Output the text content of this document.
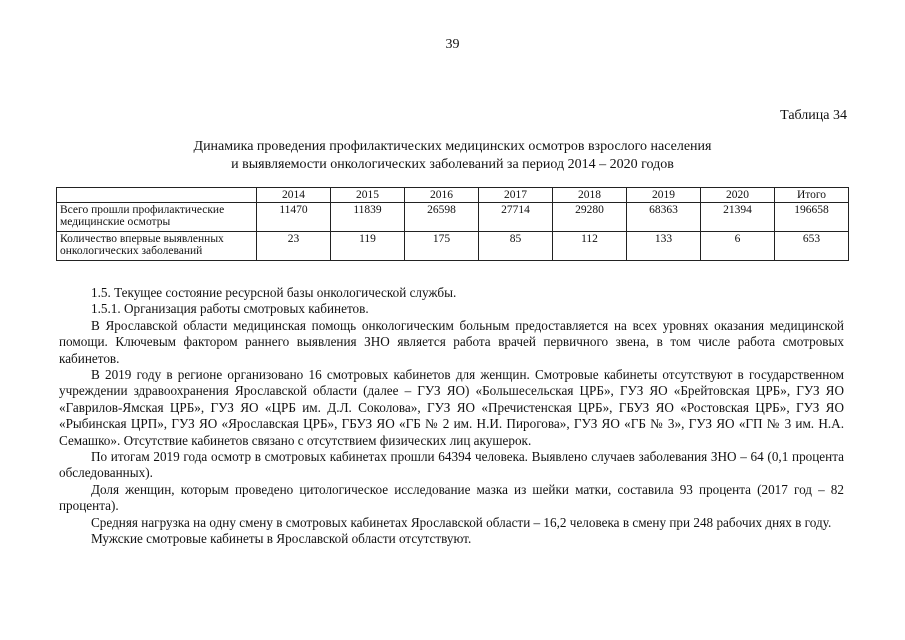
39
Таблица 34
Динамика проведения профилактических медицинских осмотров взрослого населения
и выявляемости онкологических заболеваний за период 2014 – 2020 годов
	2014	2015	2016	2017	2018	2019	2020	Итого
Всего прошли профилактические медицинские осмотры	11470	11839	26598	27714	29280	68363	21394	196658
Количество впервые выявленных онкологических заболеваний	23	119	175	85	112	133	6	653

1.5. Текущее состояние ресурсной базы онкологической службы.

1.5.1. Организация работы смотровых кабинетов.

В Ярославской области медицинская помощь онкологическим больным предоставляется на всех уровнях оказания медицинской помощи. Ключевым фактором раннего выявления ЗНО является работа врачей первичного звена, в том числе работа смотровых кабинетов.

В 2019 году в регионе организовано 16 смотровых кабинетов для женщин. Смотровые кабинеты отсутствуют в государственном учреждении здравоохранения Ярославской области (далее – ГУЗ ЯО) «Большесельская ЦРБ», ГУЗ ЯО «Брейтовская ЦРБ», ГУЗ ЯО «Гаврилов-Ямская ЦРБ», ГУЗ ЯО «ЦРБ им. Д.Л. Соколова», ГУЗ ЯО «Пречистенская ЦРБ», ГБУЗ ЯО «Ростовская ЦРБ», ГУЗ ЯО «Рыбинская ЦРП», ГУЗ ЯО «Ярославская ЦРБ», ГБУЗ ЯО «ГБ № 2 им. Н.И. Пирогова», ГУЗ ЯО «ГБ № 3», ГУЗ ЯО «ГП № 3 им. Н.А. Семашко». Отсутствие кабинетов связано с отсутствием физических лиц акушерок.

По итогам 2019 года осмотр в смотровых кабинетах прошли 64394 человека. Выявлено случаев заболевания ЗНО – 64 (0,1 процента обследованных).

Доля женщин, которым проведено цитологическое исследование мазка из шейки матки, составила 93 процента (2017 год – 82 процента).

Средняя нагрузка на одну смену в смотровых кабинетах Ярославской области – 16,2 человека в смену при 248 рабочих днях в году.

Мужские смотровые кабинеты в Ярославской области отсутствуют.
